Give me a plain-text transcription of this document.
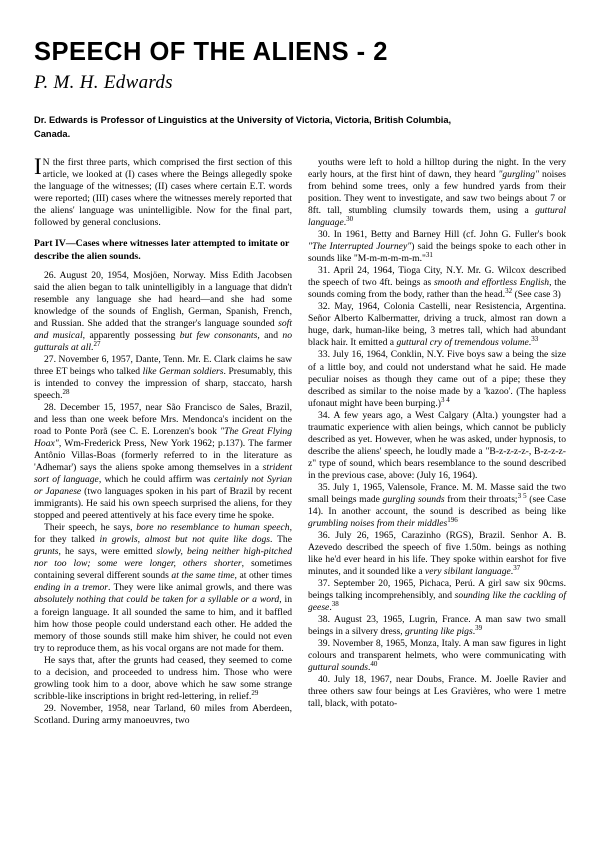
SPEECH OF THE ALIENS - 2
P. M. H. Edwards
Dr. Edwards is Professor of Linguistics at the University of Victoria, Victoria, British Columbia, Canada.

I N the first three parts, which comprised the first section of this article, we looked at (I) cases where the Beings allegedly spoke the language of the witnesses; (II) cases where certain E.T. words were reported; (III) cases where the witnesses merely reported that the aliens' language was unintelligible. Now for the final part, followed by general conclusions.

Part IV—Cases where witnesses later attempted to imitate or describe the alien sounds.

26. August 20, 1954, Mosjöen, Norway. Miss Edith Jacobsen said the alien began to talk unintelligibly in a language that didn't resemble any language she had heard—and she had some knowledge of the sounds of English, German, Spanish, French, and Russian. She added that the stranger's language sounded soft and musical, apparently possessing but few consonants, and no gutturals at all.$^{27}$

27. November 6, 1957, Dante, Tenn. Mr. E. Clark claims he saw three ET beings who talked like German soldiers. Presumably, this is intended to convey the impression of sharp, staccato, harsh speech.$^{28}$

28. December 15, 1957, near São Francisco de Sales, Brazil, and less than one week before Mrs. Mendonca's incident on the road to Ponte Porã (see C. E. Lorenzen's book "The Great Flying Hoax", Wm-Frederick Press, New York 1962; p.137). The farmer Antônio Villas-Boas (formerly referred to in the literature as 'Adhemar') says the aliens spoke among themselves in a strident sort of language, which he could affirm was certainly not Syrian or Japanese (two languages spoken in his part of Brazil by recent immigrants). He said his own speech surprised the aliens, for they stopped and peered attentively at his face every time he spoke.

Their speech, he says, bore no resemblance to human speech, for they talked in growls, almost but not quite like dogs. The grunts, he says, were emitted slowly, being neither high-pitched nor too low; some were longer, others shorter, sometimes containing several different sounds at the same time, at other times ending in a tremor. They were like animal growls, and there was absolutely nothing that could be taken for a syllable or a word, in a foreign language. It all sounded the same to him, and it baffled him how those people could understand each other. He added the memory of those sounds still make him shiver, he could not even try to reproduce them, as his vocal organs are not made for them.

He says that, after the grunts had ceased, they seemed to come to a decision, and proceeded to undress him. Those who were growling took him to a door, above which he saw some strange scribble-like inscriptions in bright red-lettering, in relief.$^{29}$

29. November, 1958, near Tarland, 60 miles from Aberdeen, Scotland. During army manoeuvres, two

youths were left to hold a hilltop during the night. In the very early hours, at the first hint of dawn, they heard "gurgling" noises from behind some trees, only a few hundred yards from their position. They went to investigate, and saw two beings about 7 or 8ft. tall, stumbling clumsily towards them, using a guttural language.$^{30}$

30. In 1961, Betty and Barney Hill (cf. John G. Fuller's book "The Interrupted Journey") said the beings spoke to each other in sounds like "M-m-m-m-m-m."$^{31}$

31. April 24, 1964, Tioga City, N.Y. Mr. G. Wilcox described the speech of two 4ft. beings as smooth and effortless English, the sounds coming from the body, rather than the head.$^{32}$ (See case 3)

32. May, 1964, Colonia Castelli, near Resistencia, Argentina. Señor Alberto Kalbermatter, driving a truck, almost ran down a huge, dark, human-like being, 3 metres tall, which had abundant black hair. It emitted a guttural cry of tremendous volume.$^{33}$

33. July 16, 1964, Conklin, N.Y. Five boys saw a being the size of a little boy, and could not understand what he said. He made peculiar noises as though they came out of a pipe; these they described as similar to the noise made by a 'kazoo'. (The hapless ufonaut might have been burping.)$^{3 4}$

34. A few years ago, a West Calgary (Alta.) youngster had a traumatic experience with alien beings, which cannot be publicly described as yet. However, when he was asked, under hypnosis, to describe the aliens' speech, he loudly made a "B-z-z-z-z-, B-z-z-z-z" type of sound, which bears resemblance to the sound described in the previous case, above: (July 16, 1964).

35. July 1, 1965, Valensole, France. M. M. Masse said the two small beings made gurgling sounds from their throats;$^{3 5}$ (see Case 14). In another account, the sound is described as being like grumbling noises from their middles$^{196}$

36. July 26, 1965, Carazinho (RGS), Brazil. Senhor A. B. Azevedo described the speech of five 1.50m. beings as nothing like he'd ever heard in his life. They spoke within earshot for five minutes, and it sounded like a very sibilant language.$^{37}$

37. September 20, 1965, Pichaca, Perú. A girl saw six 90cms. beings talking incomprehensibly, and sounding like the cackling of geese.$^{38}$

38. August 23, 1965, Lugrin, France. A man saw two small beings in a silvery dress, grunting like pigs.$^{39}$

39. November 8, 1965, Monza, Italy. A man saw figures in light colours and transparent helmets, who were communicating with guttural sounds.$^{40}$

40. July 18, 1967, near Doubs, France. M. Joelle Ravier and three others saw four beings at Les Gravières, who were 1 metre tall, black, with potato-
